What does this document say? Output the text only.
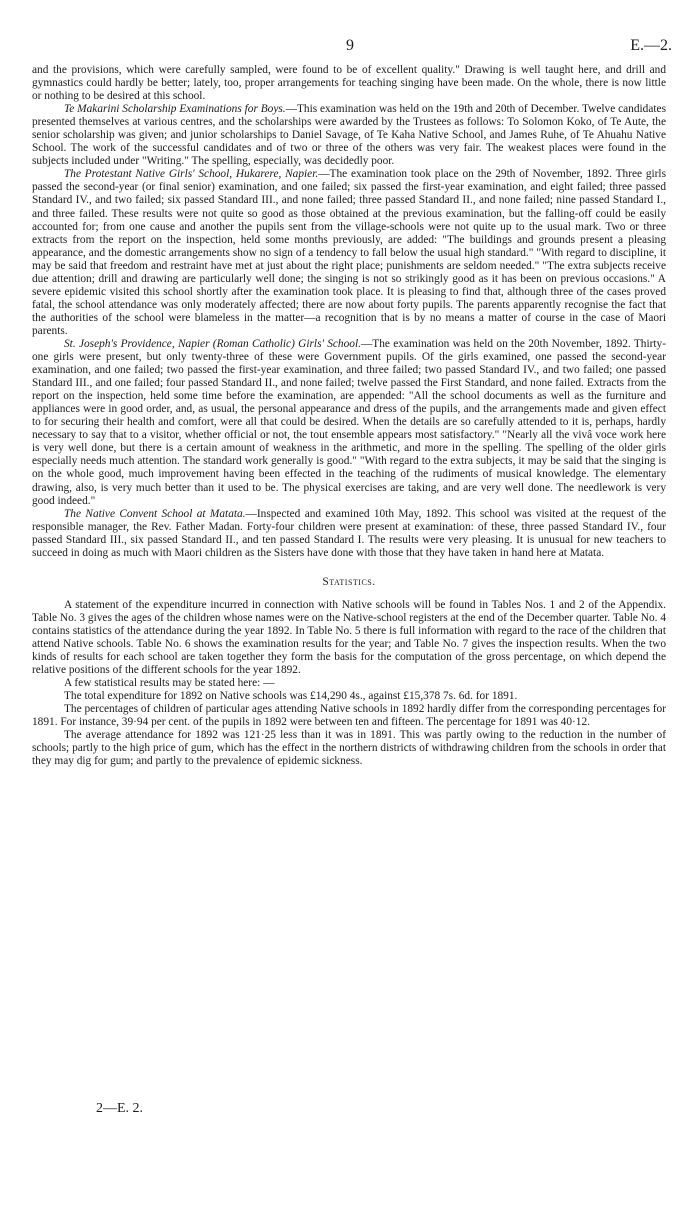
9	E.—2.

and the provisions, which were carefully sampled, were found to be of excellent quality." Drawing is well taught here, and drill and gymnastics could hardly be better; lately, too, proper arrangements for teaching singing have been made. On the whole, there is now little or nothing to be desired at this school.

Te Makarini Scholarship Examinations for Boys.—This examination was held on the 19th and 20th of December. Twelve candidates presented themselves at various centres, and the scholarships were awarded by the Trustees as follows: To Solomon Koko, of Te Aute, the senior scholarship was given; and junior scholarships to Daniel Savage, of Te Kaha Native School, and James Ruhe, of Te Ahuahu Native School. The work of the successful candidates and of two or three of the others was very fair. The weakest places were found in the subjects included under "Writing." The spelling, especially, was decidedly poor.

The Protestant Native Girls' School, Hukarere, Napier.—The examination took place on the 29th of November, 1892. Three girls passed the second-year (or final senior) examination, and one failed; six passed the first-year examination, and eight failed; three passed Standard IV., and two failed; six passed Standard III., and none failed; three passed Standard II., and none failed; nine passed Standard I., and three failed. These results were not quite so good as those obtained at the previous examination, but the falling-off could be easily accounted for; from one cause and another the pupils sent from the village-schools were not quite up to the usual mark. Two or three extracts from the report on the inspection, held some months previously, are added: "The buildings and grounds present a pleasing appearance, and the domestic arrangements show no sign of a tendency to fall below the usual high standard." "With regard to discipline, it may be said that freedom and restraint have met at just about the right place; punishments are seldom needed." "The extra subjects receive due attention; drill and drawing are particularly well done; the singing is not so strikingly good as it has been on previous occasions." A severe epidemic visited this school shortly after the examination took place. It is pleasing to find that, although three of the cases proved fatal, the school attendance was only moderately affected; there are now about forty pupils. The parents apparently recognise the fact that the authorities of the school were blameless in the matter—a recognition that is by no means a matter of course in the case of Maori parents.

St. Joseph's Providence, Napier (Roman Catholic) Girls' School.—The examination was held on the 20th November, 1892. Thirty-one girls were present, but only twenty-three of these were Government pupils. Of the girls examined, one passed the second-year examination, and one failed; two passed the first-year examination, and three failed; two passed Standard IV., and two failed; one passed Standard III., and one failed; four passed Standard II., and none failed; twelve passed the First Standard, and none failed. Extracts from the report on the inspection, held some time before the examination, are appended: "All the school documents as well as the furniture and appliances were in good order, and, as usual, the personal appearance and dress of the pupils, and the arrangements made and given effect to for securing their health and comfort, were all that could be desired. When the details are so carefully attended to it is, perhaps, hardly necessary to say that to a visitor, whether official or not, the tout ensemble appears most satisfactory." "Nearly all the vivâ voce work here is very well done, but there is a certain amount of weakness in the arithmetic, and more in the spelling. The spelling of the older girls especially needs much attention. The standard work generally is good." "With regard to the extra subjects, it may be said that the singing is on the whole good, much improvement having been effected in the teaching of the rudiments of musical knowledge. The elementary drawing, also, is very much better than it used to be. The physical exercises are taking, and are very well done. The needlework is very good indeed."

The Native Convent School at Matata.—Inspected and examined 10th May, 1892. This school was visited at the request of the responsible manager, the Rev. Father Madan. Forty-four children were present at examination: of these, three passed Standard IV., four passed Standard III., six passed Standard II., and ten passed Standard I. The results were very pleasing. It is unusual for new teachers to succeed in doing as much with Maori children as the Sisters have done with those that they have taken in hand here at Matata.

Statistics.

A statement of the expenditure incurred in connection with Native schools will be found in Tables Nos. 1 and 2 of the Appendix. Table No. 3 gives the ages of the children whose names were on the Native-school registers at the end of the December quarter. Table No. 4 contains statistics of the attendance during the year 1892. In Table No. 5 there is full information with regard to the race of the children that attend Native schools. Table No. 6 shows the examination results for the year; and Table No. 7 gives the inspection results. When the two kinds of results for each school are taken together they form the basis for the computation of the gross percentage, on which depend the relative positions of the different schools for the year 1892.

A few statistical results may be stated here: —

The total expenditure for 1892 on Native schools was £14,290 4s., against £15,378 7s. 6d. for 1891.

The percentages of children of particular ages attending Native schools in 1892 hardly differ from the corresponding percentages for 1891. For instance, 39·94 per cent. of the pupils in 1892 were between ten and fifteen. The percentage for 1891 was 40·12.

The average attendance for 1892 was 121·25 less than it was in 1891. This was partly owing to the reduction in the number of schools; partly to the high price of gum, which has the effect in the northern districts of withdrawing children from the schools in order that they may dig for gum; and partly to the prevalence of epidemic sickness.

2—E. 2.
